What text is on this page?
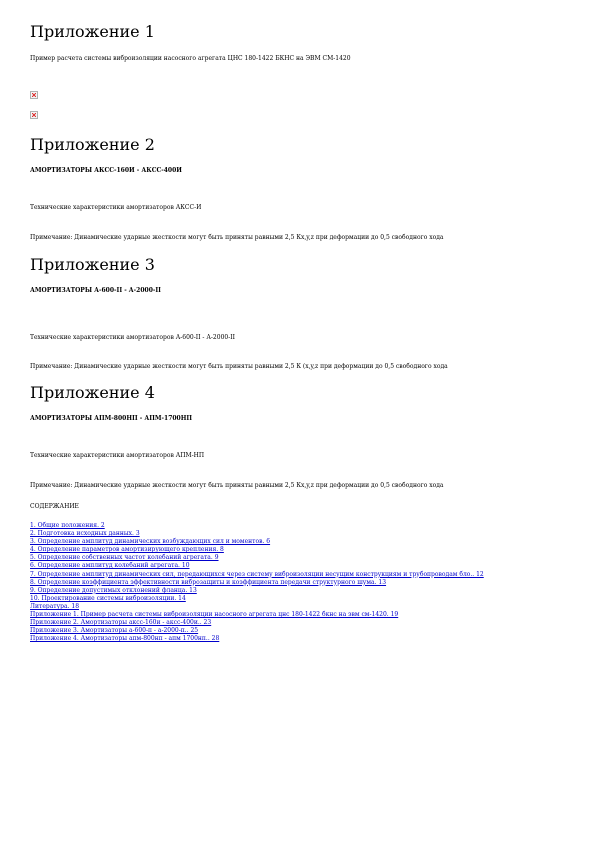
Приложение 1
Пример расчета системы виброизоляции насосного агрегата ЦНС 180-1422 БКНС на ЭВМ СМ-1420
Приложение 2
АМОРТИЗАТОРЫ АКСС-160И - АКСС-400И
Технические характеристики амортизаторов АКСС-И
Примечание: Динамические ударные жесткости могут быть приняты равными 2,5 Кx,y,z при деформации до 0,5 свободного хода
Приложение 3
АМОРТИЗАТОРЫ А-600-II - А-2000-II
Технические характеристики амортизаторов А-600-II - А-2000-II
Примечание: Динамические ударные жесткости могут быть приняты равными 2,5 К (x,y,z при деформации до 0,5 свободного хода
Приложение 4
АМОРТИЗАТОРЫ АПМ-800НП - АПМ-1700НП
Технические характеристики амортизаторов АПМ-НП
Примечание: Динамические ударные жесткости могут быть приняты равными 2,5 Кx,y,z при деформации до 0,5 свободного хода
СОДЕРЖАНИЕ
1. Общие положения. 2
2. Подготовка исходных данных. 3
3. Определение амплитуд динамических возбуждающих сил и моментов. 6
4. Определение параметров амортизирующего крепления. 8
5. Определение собственных частот колебаний агрегата. 9
6. Определение амплитуд колебаний агрегата. 10
7. Определение амплитуд динамических сил, передающихся через систему виброизоляции несущим конструкциям и трубопроводам бло.. 12
8. Определение коэффициента эффективности виброзащиты и коэффициента передачи структурного шума. 13
9. Определение допустимых отклонений фланца. 13
10. Проектирование системы виброизоляции. 14
Литература. 18
Приложение 1. Пример расчета системы виброизоляции насосного агрегата цнс 180-1422 бкнс на эвм см-1420. 19
Приложение 2. Амортизаторы аксс-160и - аксс-400и.. 23
Приложение 3. Амортизаторы а-600-п - а-2000-п.. 25
Приложение 4. Амортизаторы апм-800нп - апм 1700нп.. 28
